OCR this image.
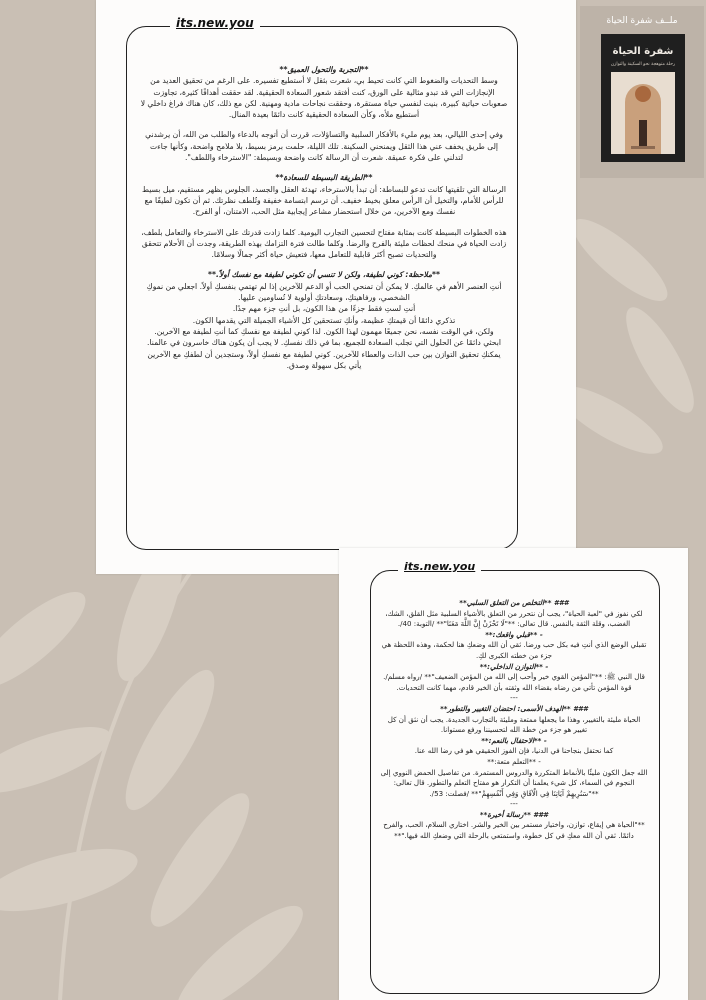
ملــف شفرة الحياة
شفرة الحياة
رحلة متوهجة نحو السكينة والتوازن
its.new.you

**التجربة والتحول العميق**

وسط التحديات والضغوط التي كانت تحيط بي، شعرت بثقل لا أستطيع تفسيره. على الرغم من تحقيق العديد من الإنجازات التي قد تبدو مثالية على الورق، كنت أفتقد شعور السعادة الحقيقية. لقد حققت أهدافًا كثيرة، تجاوزت صعوبات حياتية كبيرة، بنيت لنفسي حياة مستقرة، وحققت نجاحات مادية ومهنية. لكن مع ذلك، كان هناك فراغ داخلي لا أستطيع ملأه، وكأن السعادة الحقيقية كانت دائمًا بعيدة المنال.

وفي إحدى الليالي، بعد يوم مليء بالأفكار السلبية والتساؤلات، قررت أن أتوجه بالدعاء والطلب من الله، أن يرشدني إلى طريق يخفف عني هذا الثقل ويمنحني السكينة. تلك الليلة، حلمت برمز بسيط، بلا ملامح واضحة، وكأنها جاءت لتدلني على فكرة عميقة. شعرت أن الرسالة كانت واضحة وبسيطة: "الاسترخاء واللطف".

**الطريقة البسيطة للسعادة**

الرسالة التي تلقيتها كانت تدعو للبساطة: أن تبدأ بالاسترخاء، تهدئة العقل والجسد، الجلوس بظهر مستقيم، ميل بسيط للرأس للأمام، والتخيل أن الرأس معلق بخيط خفيف. أن ترسم ابتسامة خفيفة وتُلطف نظرتك. ثم أن تكون لطيفًا مع نفسك ومع الآخرين، من خلال استحضار مشاعر إيجابية مثل الحب، الامتنان، أو الفرح.

هذه الخطوات البسيطة كانت بمثابة مفتاح لتحسين التجارب اليومية. كلما زادت قدرتك على الاسترخاء والتعامل بلطف، زادت الحياة في منحك لحظات مليئة بالفرح والرضا. وكلما طالت فترة التزامك بهذه الطريقة، وجدت أن الأحلام تتحقق والتحديات تصبح أكثر قابلية للتعامل معها، فتعيش حياة أكثر جمالًا وسلامًا.

**ملاحظة: كوني لطيفة، ولكن لا تنسي أن تكوني لطيفة مع نفسك أولاً.**

أنتِ العنصر الأهم في عالمكِ. لا يمكن أن تمنحي الحب أو الدعم للآخرين إذا لم تهتمي بنفسكِ أولاً. اجعلي من نموكِ الشخصي، ورفاهيتكِ، وسعادتكِ أولوية لا تُساومين عليها.

أنتِ لستِ فقط جزءًا من هذا الكون، بل أنتِ جزء مهم جدًا.

تذكري دائمًا أن قيمتكِ عظيمة، وأنكِ تستحقين كل الأشياء الجميلة التي يقدمها الكون.

ولكن، في الوقت نفسه، نحن جميعًا مهمون لهذا الكون. لذا كوني لطيفة مع نفسكِ كما أنتِ لطيفة مع الآخرين.

ابحثي دائمًا عن الحلول التي تجلب السعادة للجميع، بما في ذلك نفسكِ. لا يجب أن يكون هناك خاسرون في عالمنا.

يمكنكِ تحقيق التوازن بين حب الذات والعطاء للآخرين. كوني لطيفة مع نفسكِ أولاً، وستجدين أن لطفكِ مع الآخرين يأتي بكل سهولة وصدق.

its.new.you

### **التخلص من التعلق السلبي**

لكي نفوز في "لعبة الحياة"، يجب أن نتحرر من التعلق بالأشياء السلبية مثل القلق، الشك، الغضب، وقلة الثقة بالنفس. قال تعالى: **"لَا تَحْزَنْ إِنَّ اللَّهَ مَعَنَا"** /التوبة: 40/.

- **قبلي واقعك:**

تقبلي الوضع الذي أنتِ فيه بكل حب ورضا. ثقي أن الله وضعكِ هنا لحكمة، وهذه اللحظة هي جزء من خطته الكبرى لكِ.

- **التوازن الداخلي:**

قال النبي ﷺ: **"المؤمن القوي خير وأحب إلى الله من المؤمن الضعيف"** /رواه مسلم/. قوة المؤمن تأتي من رضاه بقضاء الله وثقته بأن الخير قادم، مهما كانت التحديات.

---

### **الهدف الأسمى: احتضان التغيير والتطور**

الحياة مليئة بالتغيير، وهذا ما يجعلها ممتعة ومليئة بالتجارب الجديدة. يجب أن نثق أن كل تغيير هو جزء من خطة الله لتحسيننا ورفع مستوانا.

- **الاحتفال بالنعم:**

كما نحتفل بنجاحنا في الدنيا، فإن الفوز الحقيقي هو في رضا الله عنا.

- **التعلم متعة:**

الله جعل الكون مليئًا بالأنماط المتكررة والدروس المستمرة. من تفاصيل الحمض النووي إلى النجوم في السماء، كل شيء يعلمنا أن التكرار هو مفتاح التعلم والتطور. قال تعالى: **"سَنُرِيهِمْ آيَاتِنَا فِي الْآفَاقِ وَفِي أَنْفُسِهِمْ"** /فصلت: 53/.

---

### **رسالة أخيرة**

**"الحياة هي إيقاع، توازن، واختيار مستمر بين الخير والشر. اختاري السلام، الحب، والفرح دائمًا. ثقي أن الله معكِ في كل خطوة، واستمتعي بالرحلة التي وضعكِ الله فيها."**
